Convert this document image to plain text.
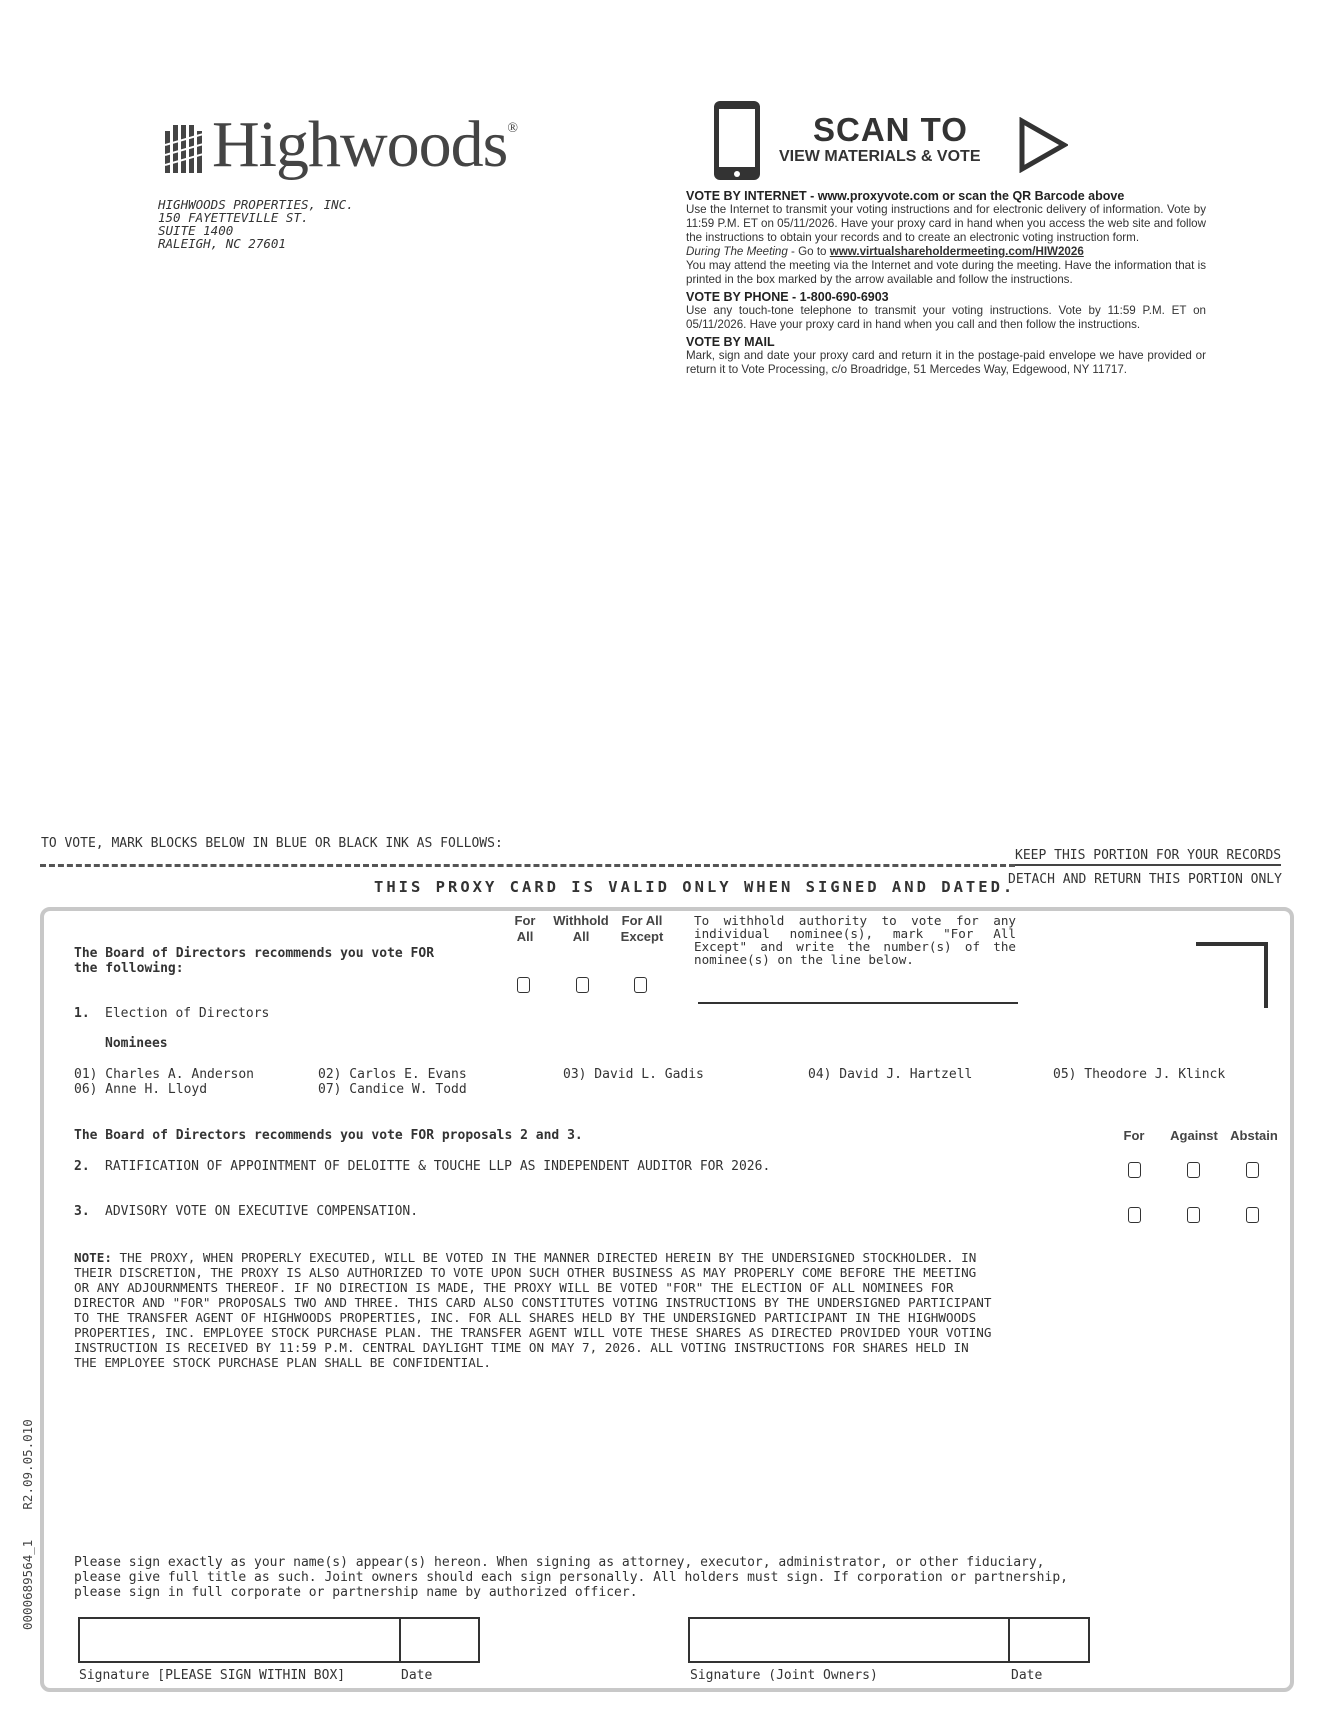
Highwoods®
HIGHWOODS PROPERTIES, INC.
150 FAYETTEVILLE ST.
SUITE 1400
RALEIGH, NC 27601
SCAN TO
VIEW MATERIALS & VOTE
VOTE BY INTERNET - www.proxyvote.com or scan the QR Barcode above

Use the Internet to transmit your voting instructions and for electronic delivery of information. Vote by 11:59 P.M. ET on 05/11/2026. Have your proxy card in hand when you access the web site and follow the instructions to obtain your records and to create an electronic voting instruction form.

During The Meeting - Go to www.virtualshareholdermeeting.com/HIW2026

You may attend the meeting via the Internet and vote during the meeting. Have the information that is printed in the box marked by the arrow available and follow the instructions.

VOTE BY PHONE - 1-800-690-6903

Use any touch-tone telephone to transmit your voting instructions. Vote by 11:59 P.M. ET on 05/11/2026. Have your proxy card in hand when you call and then follow the instructions.

VOTE BY MAIL

Mark, sign and date your proxy card and return it in the postage-paid envelope we have provided or return it to Vote Processing, c/o Broadridge, 51 Mercedes Way, Edgewood, NY 11717.

TO VOTE, MARK BLOCKS BELOW IN BLUE OR BLACK INK AS FOLLOWS:
KEEP THIS PORTION FOR YOUR RECORDS
DETACH AND RETURN THIS PORTION ONLY
THIS PROXY CARD IS VALID ONLY WHEN SIGNED AND DATED.
The Board of Directors recommends you vote FOR the following:
For
All
Withhold
All
For All
Except
To withhold authority to vote for any individual nominee(s), mark "For All Except" and write the number(s) of the nominee(s) on the line below.
1. Election of Directors
Nominees
01) Charles A. Anderson	02) Carlos E. Evans	03) David L. Gadis	04) David J. Hartzell	05) Theodore J. Klinck
06) Anne H. Lloyd	07) Candice W. Todd
The Board of Directors recommends you vote FOR proposals 2 and 3.	For	Against Abstain
2. RATIFICATION OF APPOINTMENT OF DELOITTE & TOUCHE LLP AS INDEPENDENT AUDITOR FOR 2026.
3. ADVISORY VOTE ON EXECUTIVE COMPENSATION.
NOTE: THE PROXY, WHEN PROPERLY EXECUTED, WILL BE VOTED IN THE MANNER DIRECTED HEREIN BY THE UNDERSIGNED STOCKHOLDER. IN THEIR DISCRETION, THE PROXY IS ALSO AUTHORIZED TO VOTE UPON SUCH OTHER BUSINESS AS MAY PROPERLY COME BEFORE THE MEETING OR ANY ADJOURNMENTS THEREOF. IF NO DIRECTION IS MADE, THE PROXY WILL BE VOTED "FOR" THE ELECTION OF ALL NOMINEES FOR DIRECTOR AND "FOR" PROPOSALS TWO AND THREE. THIS CARD ALSO CONSTITUTES VOTING INSTRUCTIONS BY THE UNDERSIGNED PARTICIPANT TO THE TRANSFER AGENT OF HIGHWOODS PROPERTIES, INC. FOR ALL SHARES HELD BY THE UNDERSIGNED PARTICIPANT IN THE HIGHWOODS PROPERTIES, INC. EMPLOYEE STOCK PURCHASE PLAN. THE TRANSFER AGENT WILL VOTE THESE SHARES AS DIRECTED PROVIDED YOUR VOTING INSTRUCTION IS RECEIVED BY 11:59 P.M. CENTRAL DAYLIGHT TIME ON MAY 7, 2026. ALL VOTING INSTRUCTIONS FOR SHARES HELD IN THE EMPLOYEE STOCK PURCHASE PLAN SHALL BE CONFIDENTIAL.
Please sign exactly as your name(s) appear(s) hereon. When signing as attorney, executor, administrator, or other fiduciary, please give full title as such. Joint owners should each sign personally. All holders must sign. If corporation or partnership, please sign in full corporate or partnership name by authorized officer.
Signature [PLEASE SIGN WITHIN BOX]	Date	Signature (Joint Owners)	Date
0000689564_1    R2.09.05.010
